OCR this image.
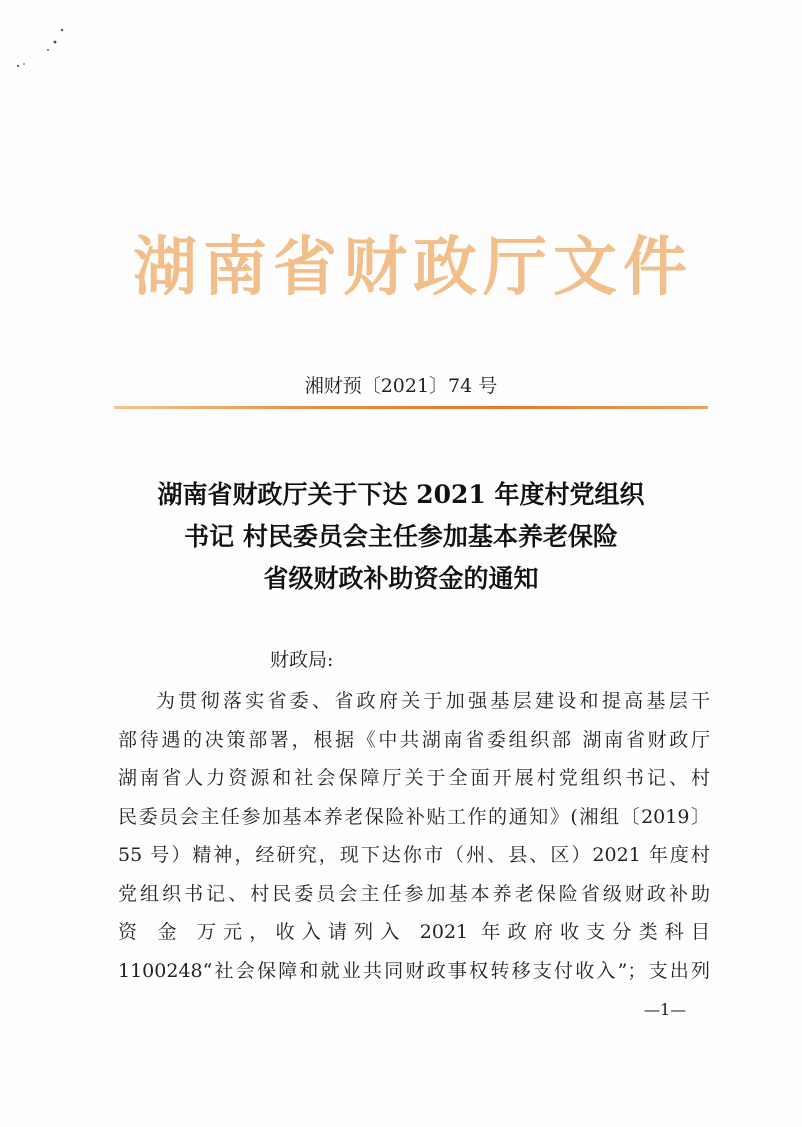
湖南省财政厅文件
湘财预〔2021〕74 号
湖南省财政厅关于下达 2021 年度村党组织
书记 村民委员会主任参加基本养老保险
省级财政补助资金的通知
财政局:
为贯彻落实省委、省政府关于加强基层建设和提高基层干
部待遇的决策部署，根据《中共湖南省委组织部 湖南省财政厅
湖南省人力资源和社会保障厅关于全面开展村党组织书记、村
民委员会主任参加基本养老保险补贴工作的通知》(湘组〔2019〕
55 号）精神，经研究，现下达你市（州、县、区）2021 年度村
党组织书记、村民委员会主任参加基本养老保险省级财政补助
资 金 万元，收入请列入 2021 年政府收支分类科目
1100248“社会保障和就业共同财政事权转移支付收入”；支出列
—1—
